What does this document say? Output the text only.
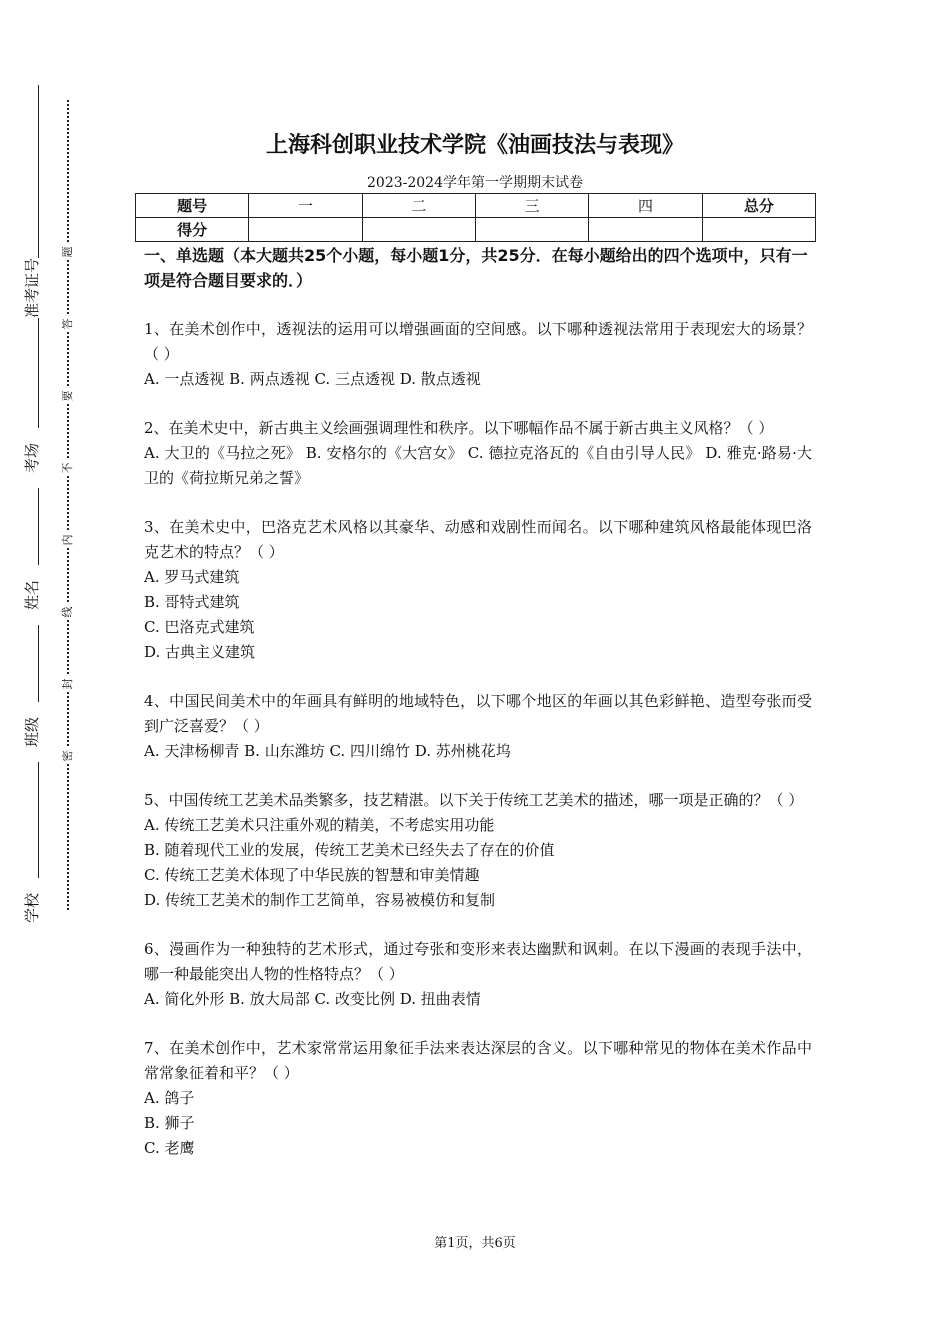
准考证号
考场
姓名
班级
学校
题
答
要
不
内
线
封
密
上海科创职业技术学院《油画技法与表现》
2023-2024学年第一学期期末试卷
题号	一	二	三	四	总分
得分					
一、单选题（本大题共25个小题，每小题1分，共25分．在每小题给出的四个选项中，只有一项是符合题目要求的．）
1、在美术创作中，透视法的运用可以增强画面的空间感。以下哪种透视法常用于表现宏大的场景？（ ）
A. 一点透视 B. 两点透视 C. 三点透视 D. 散点透视
2、在美术史中，新古典主义绘画强调理性和秩序。以下哪幅作品不属于新古典主义风格？（ ）
A. 大卫的《马拉之死》 B. 安格尔的《大宫女》 C. 德拉克洛瓦的《自由引导人民》 D. 雅克·路易·大卫的《荷拉斯兄弟之誓》
3、在美术史中，巴洛克艺术风格以其豪华、动感和戏剧性而闻名。以下哪种建筑风格最能体现巴洛克艺术的特点？（ ）
A. 罗马式建筑
B. 哥特式建筑
C. 巴洛克式建筑
D. 古典主义建筑
4、中国民间美术中的年画具有鲜明的地域特色，以下哪个地区的年画以其色彩鲜艳、造型夸张而受到广泛喜爱？（ ）
A. 天津杨柳青 B. 山东潍坊 C. 四川绵竹 D. 苏州桃花坞
5、中国传统工艺美术品类繁多，技艺精湛。以下关于传统工艺美术的描述，哪一项是正确的？（ ）
A. 传统工艺美术只注重外观的精美，不考虑实用功能
B. 随着现代工业的发展，传统工艺美术已经失去了存在的价值
C. 传统工艺美术体现了中华民族的智慧和审美情趣
D. 传统工艺美术的制作工艺简单，容易被模仿和复制
6、漫画作为一种独特的艺术形式，通过夸张和变形来表达幽默和讽刺。在以下漫画的表现手法中，哪一种最能突出人物的性格特点？（ ）
A. 简化外形 B. 放大局部 C. 改变比例 D. 扭曲表情
7、在美术创作中，艺术家常常运用象征手法来表达深层的含义。以下哪种常见的物体在美术作品中常常象征着和平？（ ）
A. 鸽子
B. 狮子
C. 老鹰
第1页，共6页
